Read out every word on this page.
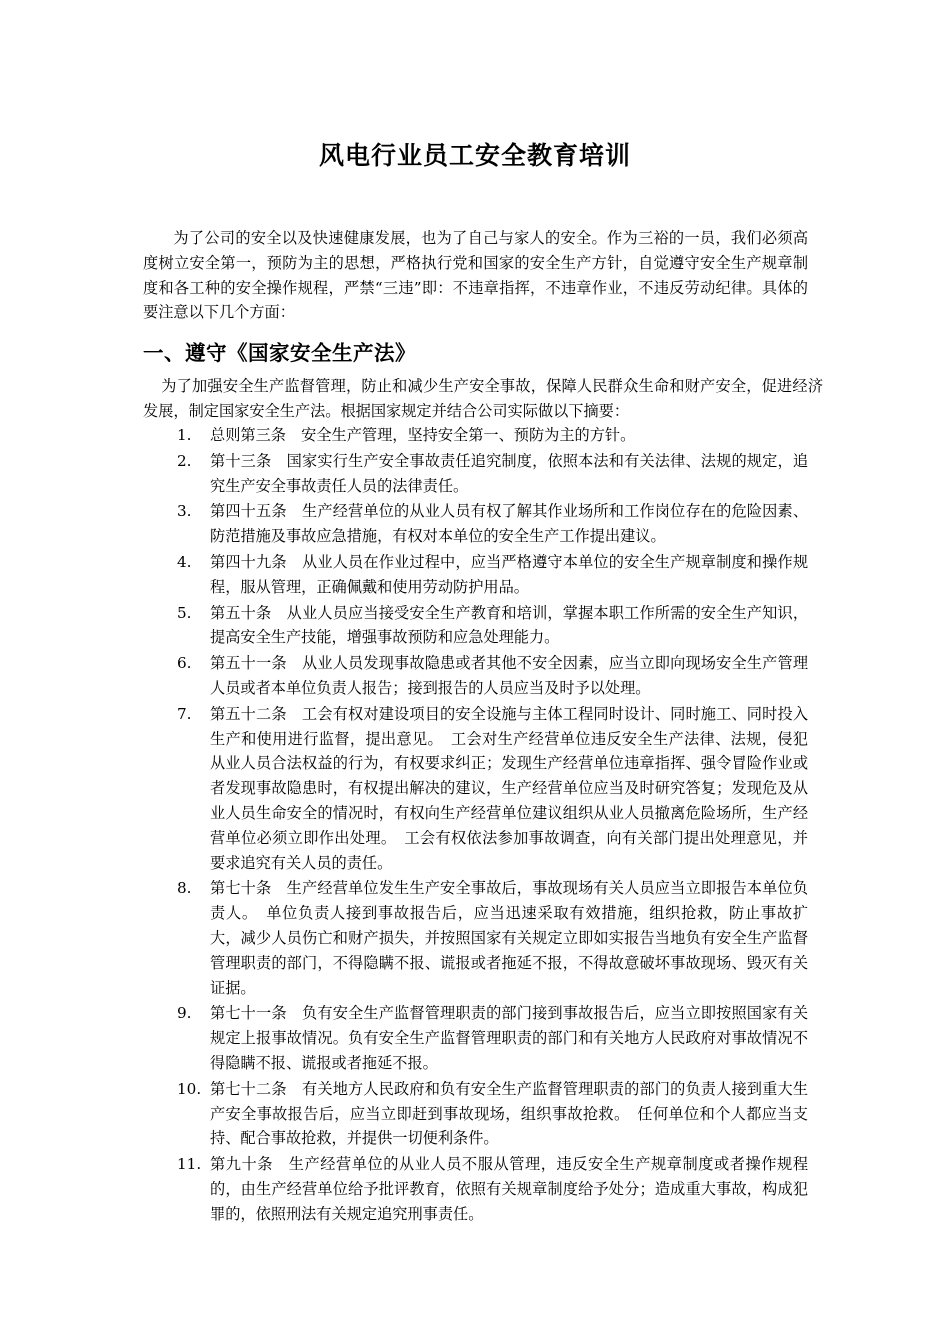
风电行业员工安全教育培训
为了公司的安全以及快速健康发展，也为了自己与家人的安全。作为三裕的一员，我们必须高度树立安全第一，预防为主的思想，严格执行党和国家的安全生产方针，自觉遵守安全生产规章制度和各工种的安全操作规程，严禁“三违”即：不违章指挥，不违章作业，不违反劳动纪律。具体的要注意以下几个方面：
一、遵守《国家安全生产法》
为了加强安全生产监督管理，防止和减少生产安全事故，保障人民群众生命和财产安全，促进经济发展，制定国家安全生产法。根据国家规定并结合公司实际做以下摘要：
1.	总则第三条　安全生产管理，坚持安全第一、预防为主的方针。
2.	第十三条　国家实行生产安全事故责任追究制度，依照本法和有关法律、法规的规定，追究生产安全事故责任人员的法律责任。
3.	第四十五条　生产经营单位的从业人员有权了解其作业场所和工作岗位存在的危险因素、防范措施及事故应急措施，有权对本单位的安全生产工作提出建议。
4.	第四十九条　从业人员在作业过程中，应当严格遵守本单位的安全生产规章制度和操作规程，服从管理，正确佩戴和使用劳动防护用品。
5.	第五十条　从业人员应当接受安全生产教育和培训，掌握本职工作所需的安全生产知识，提高安全生产技能，增强事故预防和应急处理能力。
6.	第五十一条　从业人员发现事故隐患或者其他不安全因素，应当立即向现场安全生产管理人员或者本单位负责人报告；接到报告的人员应当及时予以处理。
7.	第五十二条　工会有权对建设项目的安全设施与主体工程同时设计、同时施工、同时投入生产和使用进行监督，提出意见。　工会对生产经营单位违反安全生产法律、法规，侵犯从业人员合法权益的行为，有权要求纠正；发现生产经营单位违章指挥、强令冒险作业或者发现事故隐患时，有权提出解决的建议，生产经营单位应当及时研究答复；发现危及从业人员生命安全的情况时，有权向生产经营单位建议组织从业人员撤离危险场所，生产经营单位必须立即作出处理。　工会有权依法参加事故调查，向有关部门提出处理意见，并要求追究有关人员的责任。
8.	第七十条　生产经营单位发生生产安全事故后，事故现场有关人员应当立即报告本单位负责人。　单位负责人接到事故报告后，应当迅速采取有效措施，组织抢救，防止事故扩大，减少人员伤亡和财产损失，并按照国家有关规定立即如实报告当地负有安全生产监督管理职责的部门，不得隐瞒不报、谎报或者拖延不报，不得故意破坏事故现场、毁灭有关证据。
9.	第七十一条　负有安全生产监督管理职责的部门接到事故报告后，应当立即按照国家有关规定上报事故情况。负有安全生产监督管理职责的部门和有关地方人民政府对事故情况不得隐瞒不报、谎报或者拖延不报。
10. 第七十二条　有关地方人民政府和负有安全生产监督管理职责的部门的负责人接到重大生产安全事故报告后，应当立即赶到事故现场，组织事故抢救。　任何单位和个人都应当支持、配合事故抢救，并提供一切便利条件。
11. 第九十条　生产经营单位的从业人员不服从管理，违反安全生产规章制度或者操作规程的，由生产经营单位给予批评教育，依照有关规章制度给予处分；造成重大事故，构成犯罪的，依照刑法有关规定追究刑事责任。
